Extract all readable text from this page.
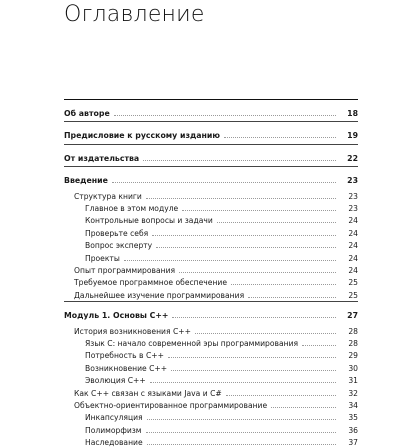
Оглавление
Об авторе	18
Предисловие к русскому изданию	19
От издательства	22
Введение	23
Структура книги	23
Главное в этом модуле	23
Контрольные вопросы и задачи	24
Проверьте себя	24
Вопрос эксперту	24
Проекты	24
Опыт программирования	24
Требуемое программное обеспечение	25
Дальнейшее изучение программирования	25
Модуль 1. Основы C++	27
История возникновения C++	28
Язык C: начало современной эры программирования	28
Потребность в C++	29
Возникновение C++	30
Эволюция C++	31
Как C++ связан с языками Java и C#	32
Объектно-ориентированное программирование	34
Инкапсуляция	35
Полиморфизм	36
Наследование	37
